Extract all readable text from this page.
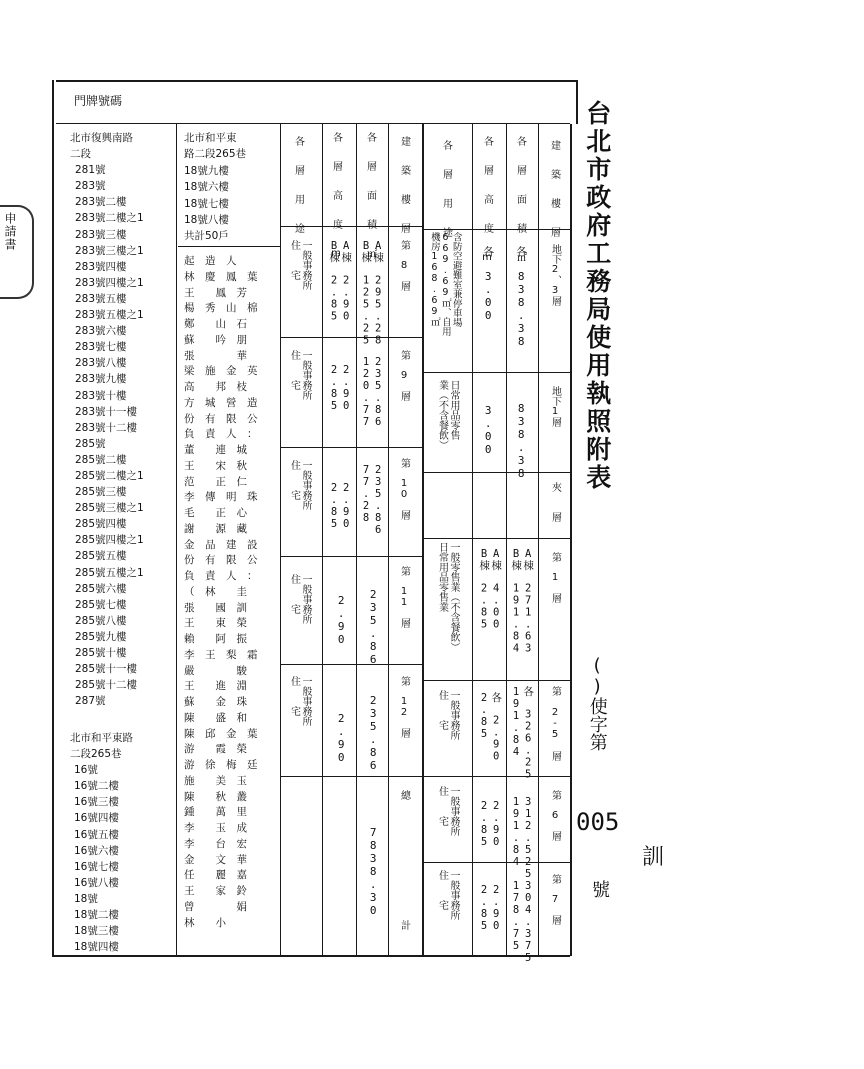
台北市政府工務局使用執照附表
()使字第
005
號
申請書
訓
門牌號碼
北市復興南路
二段
281號
283號
283號二樓
283號二樓之1
283號三樓
283號三樓之1
283號四樓
283號四樓之1
283號五樓
283號五樓之1
283號六樓
283號七樓
283號八樓
283號九樓
283號十樓
283號十一樓
283號十二樓
285號
285號二樓
285號二樓之1
285號三樓
285號三樓之1
285號四樓
285號四樓之1
285號五樓
285號五樓之1
285號六樓
285號七樓
285號八樓
285號九樓
285號十樓
285號十一樓
285號十二樓
287號
北市和平東路
二段265巷
16號
16號二樓
16號三樓
16號四樓
16號五樓
16號六樓
16號七樓
16號八樓
18號
18號二樓
18號三樓
18號四樓
北市和平東
路二段265巷
18號九樓
18號六樓
18號七樓
18號八樓
共計50戶
起　造　人
林　慶　鳳　葉
王　　鳳　芳
楊　秀　山　棉
鄭　　山　石
蘇　　吟　朋
張　　　　華
梁　施　金　英
高　　邦　枝
方　城　營　造
份　有　限　公
負　責　人　：
董　　連　城
王　　宋　秋
范　　正　仁
李　傳　明　珠
毛　　正　心
謝　　源　藏
金　品　建　設
份　有　限　公
負　責　人　：
（　林　　圭
張　　國　訓
王　　東　榮
賴　　阿　振
李　王　梨　霜
嚴　　　　駿
王　　進　淵
蘇　　金　珠
陳　　盛　和
陳　邱　金　葉
游　　霞　榮
游　徐　梅　廷
施　　美　玉
陳　　秋　叢
鍾　　萬　里
李　　玉　成
李　　台　宏
金　　文　華
任　　麗　嘉
王　　家　鈴
曾　　　　娟
林　　小　　
建 築 樓 層
各 層 面 積 ㎡
各 層 高 度 m
各 層 用 途
地下2、3層
地下1層
夾　　層
第　1　層
第 2-5 層
第　6　層
第　7　層
各 838.38
838.38
A棟 271.63
B棟 191.84
各 326.25
191.84
312.525
191.84
304.375
178.75
各 3.00
3.00
A棟 4.00
B棟 2.85
各 2.90
2.85
2.90
2.85
2.90
2.85
含防空避難室兼停車場
669.69㎡、自用
機房168.69㎡
日常用品零售
業（不含餐飲）
一般零售業（不含餐飲）
日常用品零售業
一般事務所
住　　宅
一般事務所
住　　宅
一般事務所
住　　宅
建 築 樓 層
各 層 面 積 ㎡
各 層 高 度 m
各 層 用 途
第　8　層
第　9　層
第　10　層
第　11　層
第　12　層
總
計
A棟 295.28
B棟 125.25
235.86
120.77
235.86
77.28
235.86
235.86
7838.30
A棟 2.90
B棟 2.85
2.90
2.85
2.90
2.85
2.90
2.90
一般事務所
住　　宅
一般事務所
住　　宅
一般事務所
住　　宅
一般事務所
住　　宅
一般事務所
住　　宅
